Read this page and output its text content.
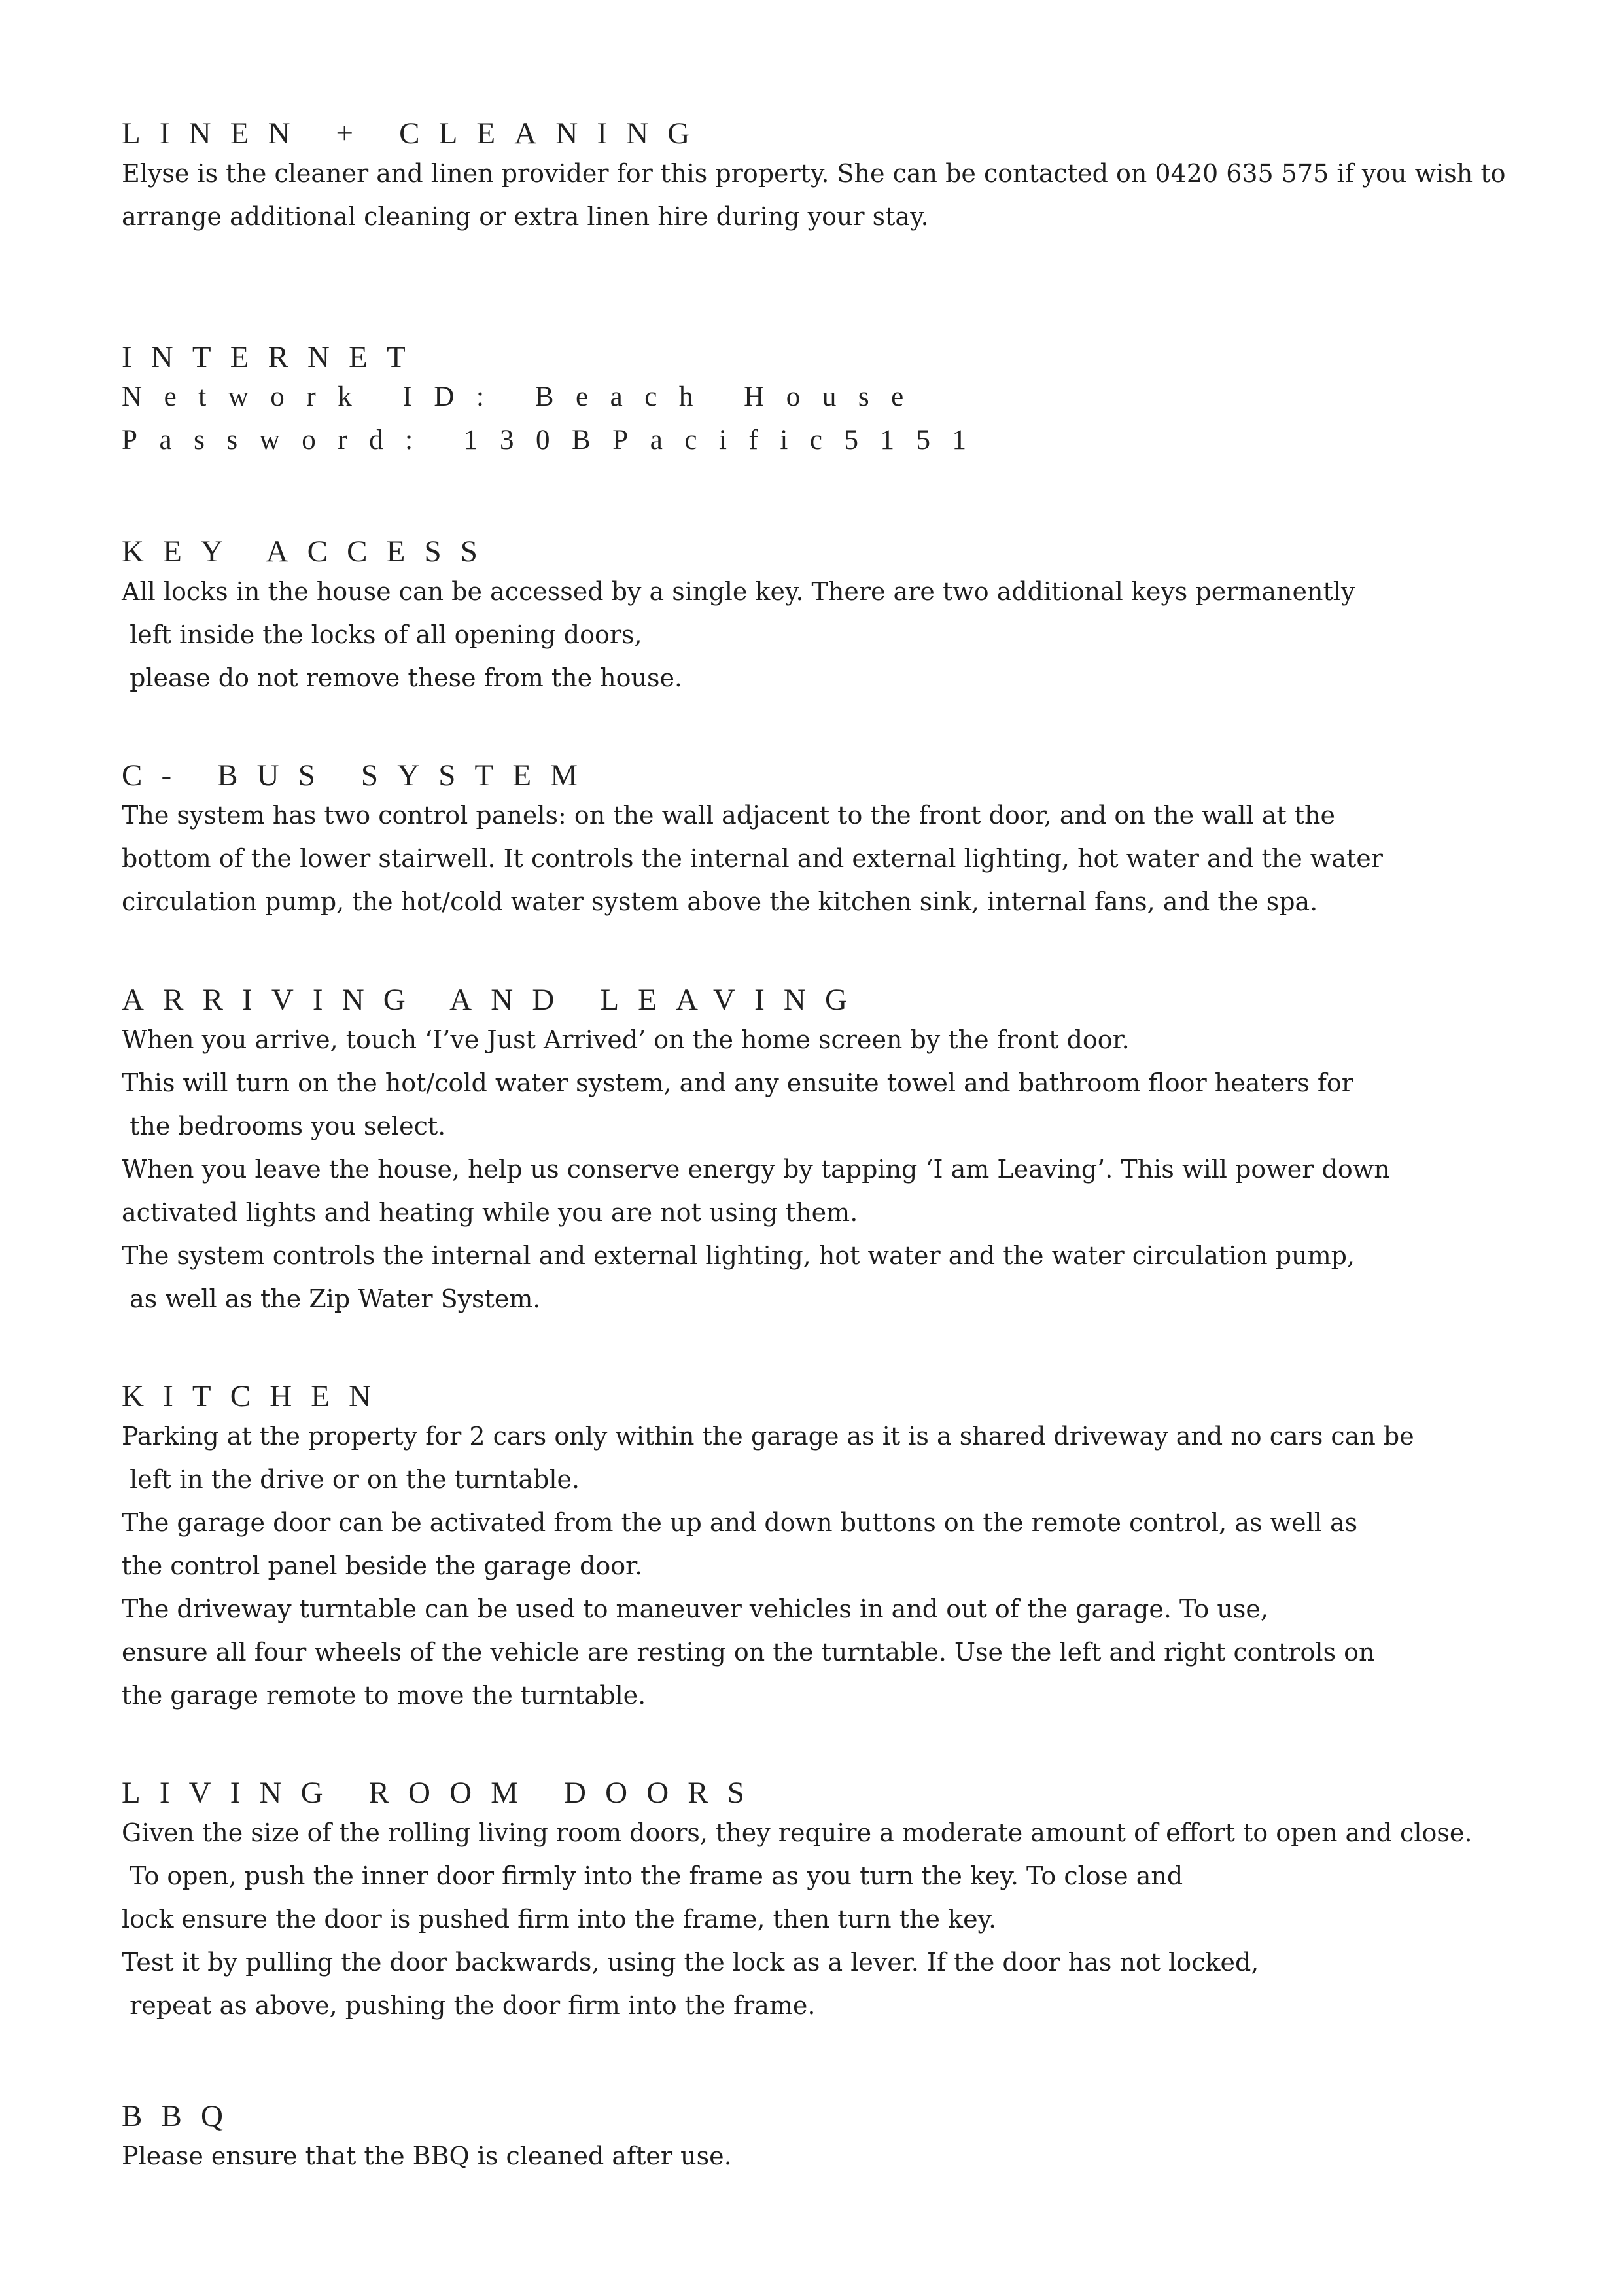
LINEN + CLEANING

Elyse is the cleaner and linen provider for this property. She can be contacted on 0420 635 575 if you wish to

arrange additional cleaning or extra linen hire during your stay.

INTERNET

Network ID: Beach House

Password: 130BPacific5151

KEY ACCESS

All locks in the house can be accessed by a single key. There are two additional keys permanently

left inside the locks of all opening doors,

please do not remove these from the house.

C- BUS SYSTEM

The system has two control panels: on the wall adjacent to the front door, and on the wall at the

bottom of the lower stairwell. It controls the internal and external lighting, hot water and the water

circulation pump, the hot/cold water system above the kitchen sink, internal fans, and the spa.

ARRIVING AND LEAVING

When you arrive, touch ‘I’ve Just Arrived’ on the home screen by the front door.

This will turn on the hot/cold water system, and any ensuite towel and bathroom floor heaters for

the bedrooms you select.

When you leave the house, help us conserve energy by tapping ‘I am Leaving’. This will power down

activated lights and heating while you are not using them.

The system controls the internal and external lighting, hot water and the water circulation pump,

as well as the Zip Water System.

KITCHEN

Parking at the property for 2 cars only within the garage as it is a shared driveway and no cars can be

left in the drive or on the turntable.

The garage door can be activated from the up and down buttons on the remote control, as well as

the control panel beside the garage door.

The driveway turntable can be used to maneuver vehicles in and out of the garage. To use,

ensure all four wheels of the vehicle are resting on the turntable. Use the left and right controls on

the garage remote to move the turntable.

LIVING ROOM DOORS

Given the size of the rolling living room doors, they require a moderate amount of effort to open and close.

To open, push the inner door firmly into the frame as you turn the key. To close and

lock ensure the door is pushed firm into the frame, then turn the key.

Test it by pulling the door backwards, using the lock as a lever. If the door has not locked,

repeat as above, pushing the door firm into the frame.

BBQ

Please ensure that the BBQ is cleaned after use.
